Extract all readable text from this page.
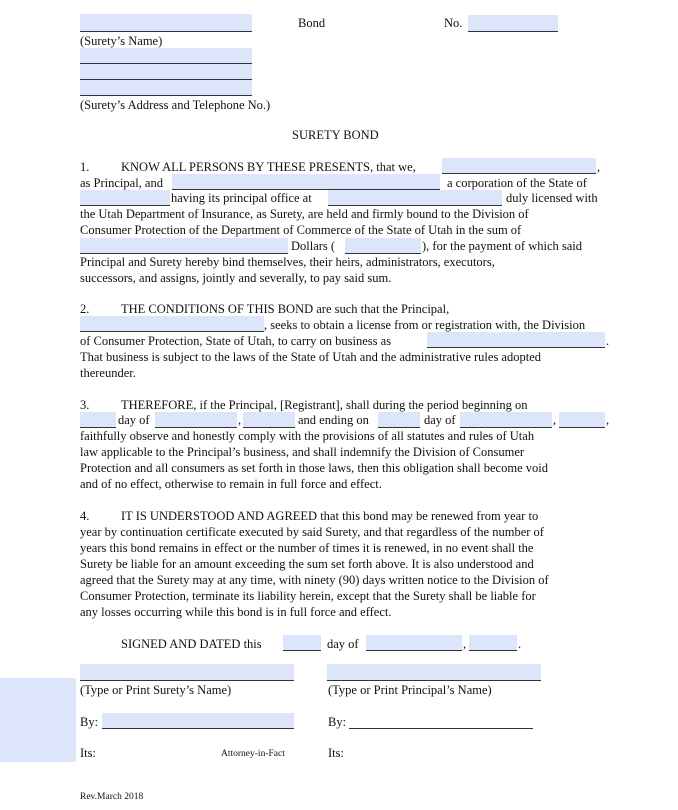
Bond	No.
(Surety’s Name)
(Surety’s Address and Telephone No.)
SURETY BOND
1.	KNOW ALL PERSONS BY THESE PRESENTS, that we,	,
as Principal, and	a corporation of the State of
having its principal office at	duly licensed with
the Utah Department of Insurance, as Surety, are held and firmly bound to the Division of
Consumer Protection of the Department of Commerce of the State of Utah in the sum of
Dollars (	), for the payment of which said
Principal and Surety hereby bind themselves, their heirs, administrators, executors,
successors, and assigns, jointly and severally, to pay said sum.
2.	THE CONDITIONS OF THIS BOND are such that the Principal,
, seeks to obtain a license from or registration with, the Division
of Consumer Protection, State of Utah, to carry on business as	.
That business is subject to the laws of the State of Utah and the administrative rules adopted
thereunder.
3.	THEREFORE, if the Principal, [Registrant], shall during the period beginning on
day of	,	and ending on	day of	,	,
faithfully observe and honestly comply with the provisions of all statutes and rules of Utah
law applicable to the Principal’s business, and shall indemnify the Division of Consumer
Protection and all consumers as set forth in those laws, then this obligation shall become void
and of no effect, otherwise to remain in full force and effect.
4.	IT IS UNDERSTOOD AND AGREED that this bond may be renewed from year to
year by continuation certificate executed by said Surety, and that regardless of the number of
years this bond remains in effect or the number of times it is renewed, in no event shall the
Surety be liable for an amount exceeding the sum set forth above. It is also understood and
agreed that the Surety may at any time, with ninety (90) days written notice to the Division of
Consumer Protection, terminate its liability herein, except that the Surety shall be liable for
any losses occurring while this bond is in full force and effect.
SIGNED AND DATED this	day of	,	.
(Type or Print Surety’s Name)	(Type or Print Principal’s Name)
By:	By:
Its:	Attorney-in-Fact	Its:
Rev.March 2018
